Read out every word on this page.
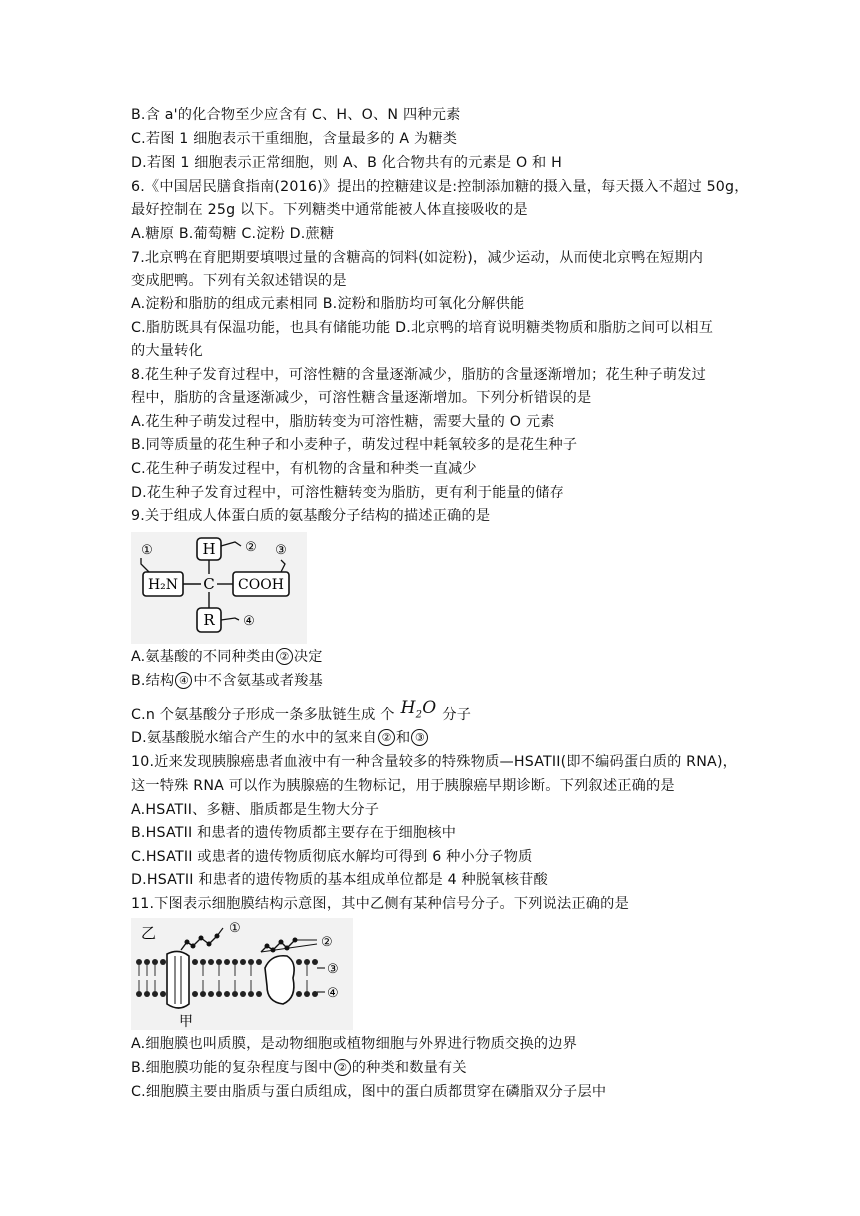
B.含 a'的化合物至少应含有 C、H、O、N 四种元素
C.若图 1 细胞表示干重细胞，含量最多的 A 为糖类
D.若图 1 细胞表示正常细胞，则 A、B 化合物共有的元素是 O 和 H
6.《中国居民膳食指南(2016)》提出的控糖建议是:控制添加糖的摄入量，每天摄入不超过 50g，
最好控制在 25g 以下。下列糖类中通常能被人体直接吸收的是
A.糖原 B.葡萄糖 C.淀粉 D.蔗糖
7.北京鸭在育肥期要填喂过量的含糖高的饲料(如淀粉)，减少运动，从而使北京鸭在短期内
变成肥鸭。下列有关叙述错误的是
A.淀粉和脂肪的组成元素相同 B.淀粉和脂肪均可氧化分解供能
C.脂肪既具有保温功能，也具有储能功能 D.北京鸭的培育说明糖类物质和脂肪之间可以相互
的大量转化
8.花生种子发育过程中，可溶性糖的含量逐渐减少，脂肪的含量逐渐增加；花生种子萌发过
程中，脂肪的含量逐渐减少，可溶性糖含量逐渐增加。下列分析错误的是
A.花生种子萌发过程中，脂肪转变为可溶性糖，需要大量的 O 元素
B.同等质量的花生种子和小麦种子，萌发过程中耗氧较多的是花生种子
C.花生种子萌发过程中，有机物的含量和种类一直减少
D.花生种子发育过程中，可溶性糖转变为脂肪，更有利于能量的储存
9.关于组成人体蛋白质的氨基酸分子结构的描述正确的是
H ②
H₂N
①
C COOH
③
R ④
A.氨基酸的不同种类由 ② 决定
B.结构 ④ 中不含氨基或者羧基
C.n 个氨基酸分子形成一条多肽链生成 个 $H_2O$ 分子
D.氨基酸脱水缩合产生的水中的氢来自 ② 和 ③
10.近来发现胰腺癌患者血液中有一种含量较多的特殊物质—HSATII(即不编码蛋白质的 RNA)，
这一特殊 RNA 可以作为胰腺癌的生物标记，用于胰腺癌早期诊断。下列叙述正确的是
A.HSATII、多糖、脂质都是生物大分子
B.HSATII 和患者的遗传物质都主要存在于细胞核中
C.HSATII 或患者的遗传物质彻底水解均可得到 6 种小分子物质
D.HSATII 和患者的遗传物质的基本组成单位都是 4 种脱氧核苷酸
11.下图表示细胞膜结构示意图，其中乙侧有某种信号分子。下列说法正确的是
乙
甲
①
②
③
④
A.细胞膜也叫质膜，是动物细胞或植物细胞与外界进行物质交换的边界
B.细胞膜功能的复杂程度与图中 ② 的种类和数量有关
C.细胞膜主要由脂质与蛋白质组成，图中的蛋白质都贯穿在磷脂双分子层中
